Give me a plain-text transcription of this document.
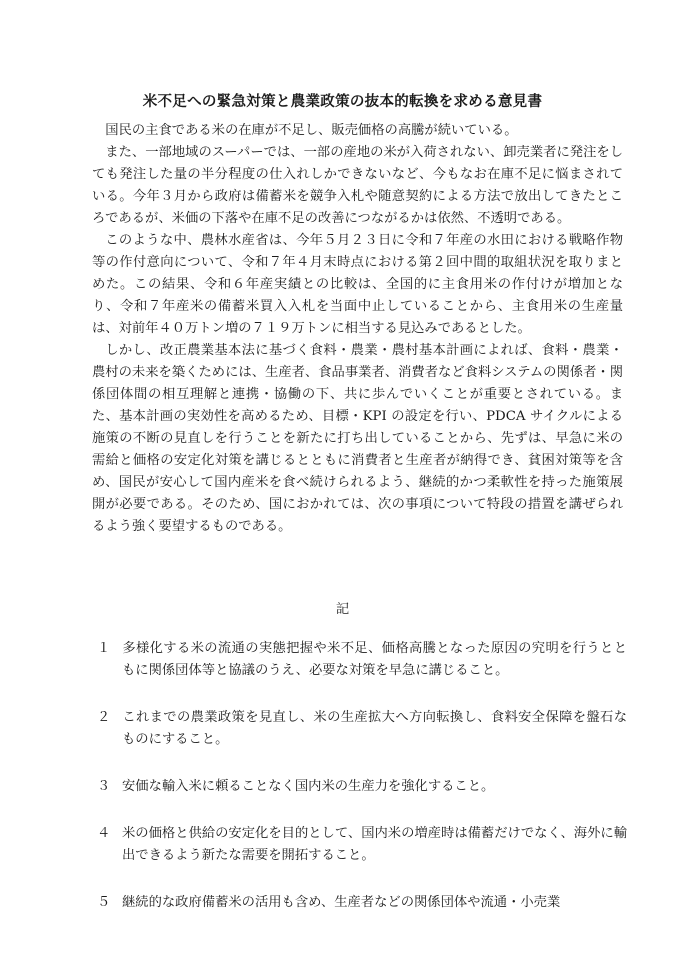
米不足への緊急対策と農業政策の抜本的転換を求める意見書

国民の主食である米の在庫が不足し、販売価格の高騰が続いている。

また、一部地域のスーパーでは、一部の産地の米が入荷されない、卸売業者に発注をしても発注した量の半分程度の仕入れしかできないなど、今もなお在庫不足に悩まされている。今年３月から政府は備蓄米を競争入札や随意契約による方法で放出してきたところであるが、米価の下落や在庫不足の改善につながるかは依然、不透明である。

このような中、農林水産省は、今年５月２３日に令和７年産の水田における戦略作物等の作付意向について、令和７年４月末時点における第２回中間的取組状況を取りまとめた。この結果、令和６年産実績との比較は、全国的に主食用米の作付けが増加となり、令和７年産米の備蓄米買入入札を当面中止していることから、主食用米の生産量は、対前年４０万トン増の７１９万トンに相当する見込みであるとした。

しかし、改正農業基本法に基づく食料・農業・農村基本計画によれば、食料・農業・農村の未来を築くためには、生産者、食品事業者、消費者など食料システムの関係者・関係団体間の相互理解と連携・協働の下、共に歩んでいくことが重要とされている。また、基本計画の実効性を高めるため、目標・KPI の設定を行い、PDCA サイクルによる施策の不断の見直しを行うことを新たに打ち出していることから、先ずは、早急に米の需給と価格の安定化対策を講じるとともに消費者と生産者が納得でき、貧困対策等を含め、国民が安心して国内産米を食べ続けられるよう、継続的かつ柔軟性を持った施策展開が必要である。そのため、国におかれては、次の事項について特段の措置を講ぜられるよう強く要望するものである。

記
１ 多様化する米の流通の実態把握や米不足、価格高騰となった原因の究明を行うとともに関係団体等と協議のうえ、必要な対策を早急に講じること。
２ これまでの農業政策を見直し、米の生産拡大へ方向転換し、食料安全保障を盤石なものにすること。
３ 安価な輸入米に頼ることなく国内米の生産力を強化すること。
４ 米の価格と供給の安定化を目的として、国内米の増産時は備蓄だけでなく、海外に輸出できるよう新たな需要を開拓すること。
５ 継続的な政府備蓄米の活用も含め、生産者などの関係団体や流通・小売業
